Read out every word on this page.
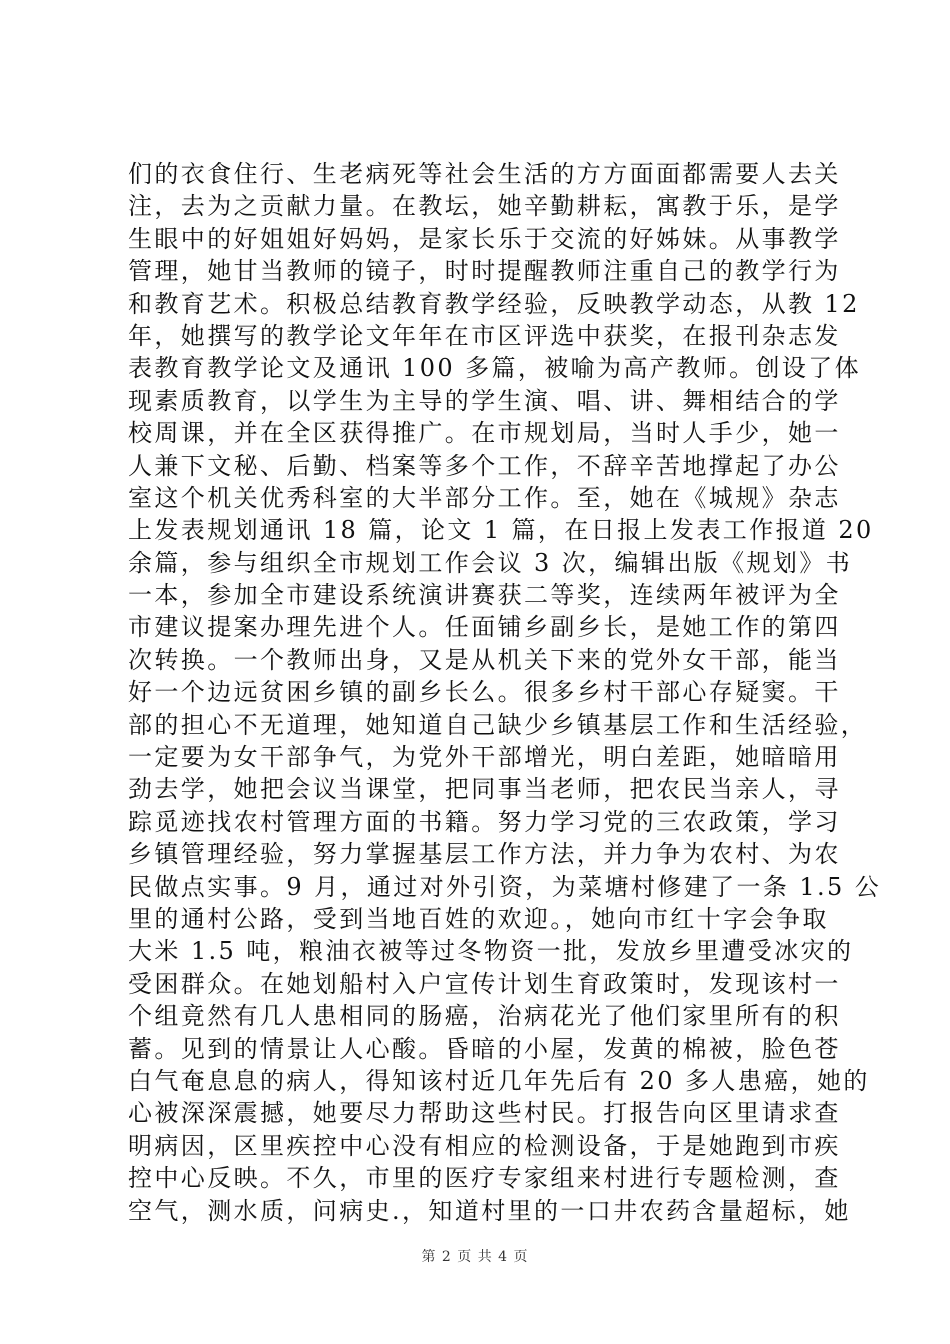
们的衣食住行、生老病死等社会生活的方方面面都需要人去关
注，去为之贡献力量。在教坛，她辛勤耕耘，寓教于乐，是学
生眼中的好姐姐好妈妈，是家长乐于交流的好姊妹。从事教学
管理，她甘当教师的镜子，时时提醒教师注重自己的教学行为
和教育艺术。积极总结教育教学经验，反映教学动态，从教 12
年，她撰写的教学论文年年在市区评选中获奖，在报刊杂志发
表教育教学论文及通讯 100 多篇，被喻为高产教师。创设了体
现素质教育，以学生为主导的学生演、唱、讲、舞相结合的学
校周课，并在全区获得推广。在市规划局，当时人手少，她一
人兼下文秘、后勤、档案等多个工作，不辞辛苦地撑起了办公
室这个机关优秀科室的大半部分工作。至，她在《城规》杂志
上发表规划通讯 18 篇，论文 1 篇，在日报上发表工作报道 20
余篇，参与组织全市规划工作会议 3 次，编辑出版《规划》书
一本，参加全市建设系统演讲赛获二等奖，连续两年被评为全
市建议提案办理先进个人。任面铺乡副乡长，是她工作的第四
次转换。一个教师出身，又是从机关下来的党外女干部，能当
好一个边远贫困乡镇的副乡长么。很多乡村干部心存疑窦。干
部的担心不无道理，她知道自己缺少乡镇基层工作和生活经验，
一定要为女干部争气，为党外干部增光，明白差距，她暗暗用
劲去学，她把会议当课堂，把同事当老师，把农民当亲人，寻
踪觅迹找农村管理方面的书籍。努力学习党的三农政策，学习
乡镇管理经验，努力掌握基层工作方法，并力争为农村、为农
民做点实事。9 月，通过对外引资，为菜塘村修建了一条 1.5 公
里的通村公路，受到当地百姓的欢迎。，她向市红十字会争取
大米 1.5 吨，粮油衣被等过冬物资一批，发放乡里遭受冰灾的
受困群众。在她划船村入户宣传计划生育政策时，发现该村一
个组竟然有几人患相同的肠癌，治病花光了他们家里所有的积
蓄。见到的情景让人心酸。昏暗的小屋，发黄的棉被，脸色苍
白气奄息息的病人，得知该村近几年先后有 20 多人患癌，她的
心被深深震撼，她要尽力帮助这些村民。打报告向区里请求查
明病因，区里疾控中心没有相应的检测设备，于是她跑到市疾
控中心反映。不久，市里的医疗专家组来村进行专题检测，查
空气，测水质，问病史.，知道村里的一口井农药含量超标，她
第 2 页 共 4 页
